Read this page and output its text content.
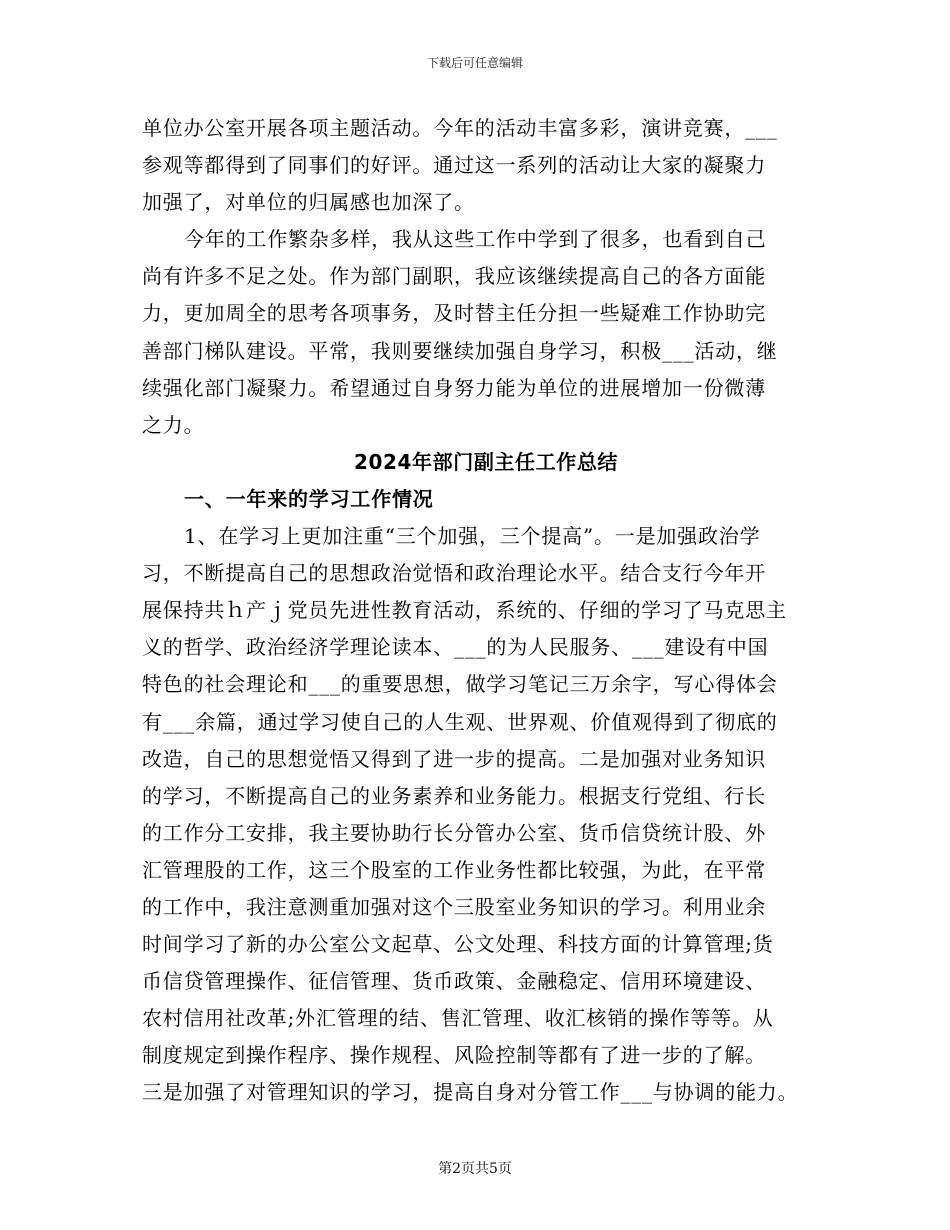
下载后可任意编辑
单位办公室开展各项主题活动。今年的活动丰富多彩，演讲竞赛，___
参观等都得到了同事们的好评。通过这一系列的活动让大家的凝聚力
加强了，对单位的归属感也加深了。
今年的工作繁杂多样，我从这些工作中学到了很多，也看到自己
尚有许多不足之处。作为部门副职，我应该继续提高自己的各方面能
力，更加周全的思考各项事务，及时替主任分担一些疑难工作协助完
善部门梯队建设。平常，我则要继续加强自身学习，积极___活动，继
续强化部门凝聚力。希望通过自身努力能为单位的进展增加一份微薄
之力。
2024年部门副主任工作总结
一、一年来的学习工作情况
1、在学习上更加注重“三个加强，三个提高”。一是加强政治学
习，不断提高自己的思想政治觉悟和政治理论水平。结合支行今年开
展保持共ｈ产ｊ党员先进性教育活动，系统的、仔细的学习了马克思主
义的哲学、政治经济学理论读本、___的为人民服务、___建设有中国
特色的社会理论和___的重要思想，做学习笔记三万余字，写心得体会
有___余篇，通过学习使自己的人生观、世界观、价值观得到了彻底的
改造，自己的思想觉悟又得到了进一步的提高。二是加强对业务知识
的学习，不断提高自己的业务素养和业务能力。根据支行党组、行长
的工作分工安排，我主要协助行长分管办公室、货币信贷统计股、外
汇管理股的工作，这三个股室的工作业务性都比较强，为此，在平常
的工作中，我注意测重加强对这个三股室业务知识的学习。利用业余
时间学习了新的办公室公文起草、公文处理、科技方面的计算管理;货
币信贷管理操作、征信管理、货币政策、金融稳定、信用环境建设、
农村信用社改革;外汇管理的结、售汇管理、收汇核销的操作等等。从
制度规定到操作程序、操作规程、风险控制等都有了进一步的了解。
三是加强了对管理知识的学习，提高自身对分管工作___与协调的能力。
第2页共5页
